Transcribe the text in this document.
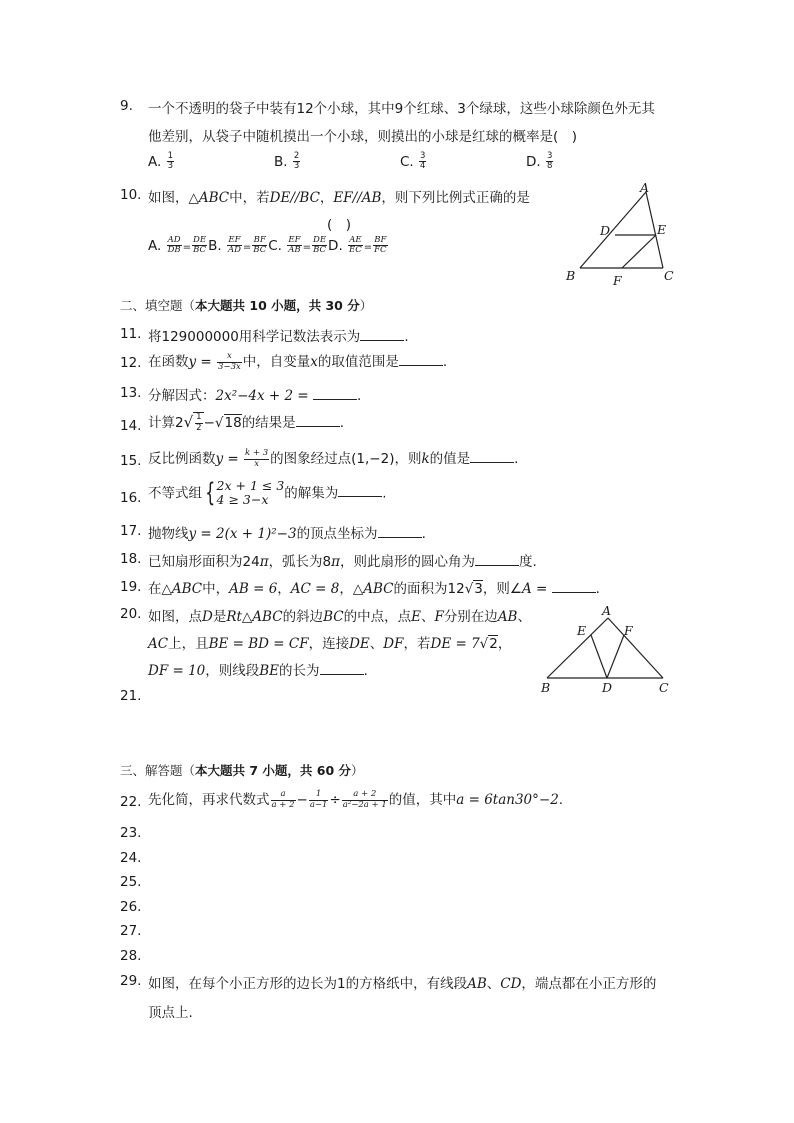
9.	一个不透明的袋子中装有12个小球，其中9个红球、3个绿球，这些小球除颜色外无其
他差别，从袋子中随机摸出一个小球，则摸出的小球是红球的概率是(　)
A. $\frac{1}{3}$	B. $\frac{2}{3}$	C. $\frac{3}{4}$	D. $\frac{3}{8}$
10. 如图，△ABC中，若DE//BC，EF//AB，则下列比例式正确的是
(　)
A. $\frac{AD}{DB} = \frac{DE}{BC} B$. $\frac{EF}{AD} = \frac{BF}{BC} C$. $\frac{EF}{AB} = \frac{DE}{BC} D$. $\frac{AE}{EC} = \frac{BF}{FC}$
A
D	E
B	F	C
二、填空题（本大题共 10 小题，共 30 分）
11. 将129000000用科学记数法表示为	.
12. 在函数$y = \frac{x}{3-3x}$ 中，自变量x的取值范围是	.
13. 分解因式：2x²−4x + 2 =	.
14. 计算$2√ \frac{1}{2} -√18$的结果是	.
15. 反比例函数$y = \frac{k + 3}{x}$ 的图象经过点(1,−2)，则k的值是	.
16. 不等式组 { 2x + 1 ≤ 3
4 ≥ 3−x	的解集为	.
17. 抛物线y = 2(x + 1)²−3的顶点坐标为	.
18. 已知扇形面积为24π，弧长为8π，则此扇形的圆心角为	度.
19. 在△ABC中，AB = 6，AC = 8，△ABC的面积为12√3，则∠A =	.
20. 如图，点D是Rt△ABC的斜边BC的中点，点E、F分别在边AB、
AC上，且BE = BD = CF，连接DE、DF，若DE = 7√2，
DF = 10，则线段BE的长为	.
A
E	F
B	D	C
21.
三、解答题（本大题共 7 小题，共 60 分）
22. 先化简，再求代数式 $\frac{a}{a + 2} - \frac{1}{a-1} \div \frac{a + 2}{\text{a²−2a + 1}}$ 的值，其中a = 6tan30°−2.
23.
24.
25.
26.
27.
28.
29. 如图，在每个小正方形的边长为1的方格纸中，有线段AB、CD，端点都在小正方形的
顶点上.
